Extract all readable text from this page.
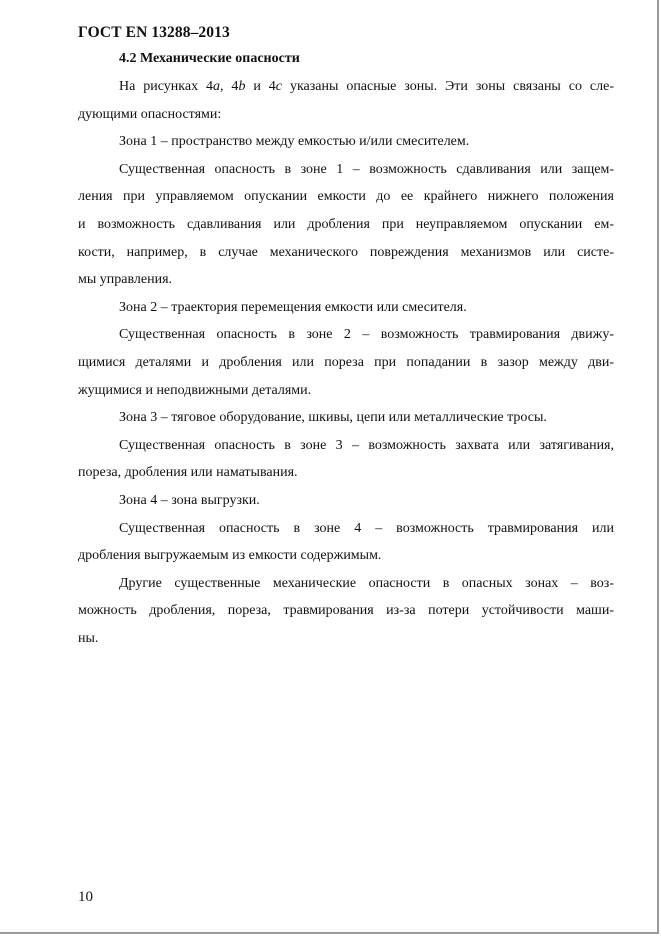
ГОСТ EN 13288–2013
4.2 Механические опасности
На рисунках 4a, 4b и 4c указаны опасные зоны. Эти зоны связаны со сле-
дующими опасностями:
Зона 1 – пространство между емкостью и/или смесителем.
Существенная опасность в зоне 1 – возможность сдавливания или защем-
ления при управляемом опускании емкости до ее крайнего нижнего положения
и возможность сдавливания или дробления при неуправляемом опускании ем-
кости, например, в случае механического повреждения механизмов или систе-
мы управления.
Зона 2 – траектория перемещения емкости или смесителя.
Существенная опасность в зоне 2 – возможность травмирования движу-
щимися деталями и дробления или пореза при попадании в зазор между дви-
жущимися и неподвижными деталями.
Зона 3 – тяговое оборудование, шкивы, цепи или металлические тросы.
Существенная опасность в зоне 3 – возможность захвата или затягивания,
пореза, дробления или наматывания.
Зона 4 – зона выгрузки.
Существенная опасность в зоне 4 – возможность травмирования или
дробления выгружаемым из емкости содержимым.
Другие существенные механические опасности в опасных зонах – воз-
можность дробления, пореза, травмирования из-за потери устойчивости маши-
ны.
10
